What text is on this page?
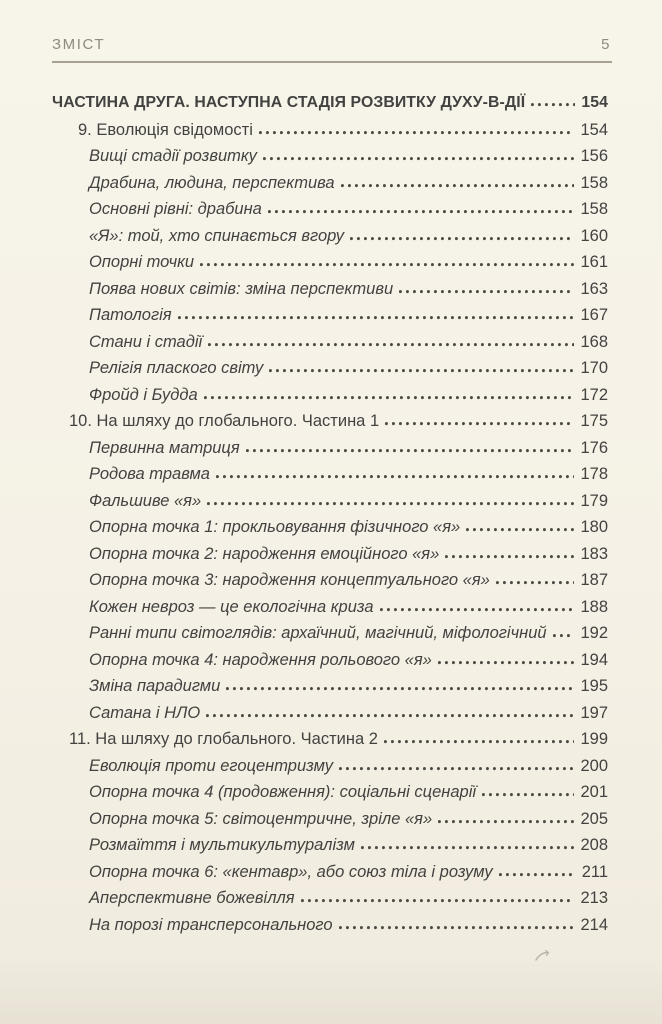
ЗМІСТ	5
ЧАСТИНА ДРУГА. НАСТУПНА СТАДІЯ РОЗВИТКУ ДУХУ-В-ДІЇ	154
9. Еволюція свідомості	154
Вищі стадії розвитку	156
Драбина, людина, перспектива	158
Основні рівні: драбина	158
«Я»: той, хто спинається вгору	160
Опорні точки	161
Поява нових світів: зміна перспективи	163
Патологія	167
Стани і стадії	168
Релігія плаского світу	170
Фройд і Будда	172
10. На шляху до глобального. Частина 1	175
Первинна матриця	176
Родова травма	178
Фальшиве «я»	179
Опорна точка 1: прокльовування фізичного «я»	180
Опорна точка 2: народження емоційного «я»	183
Опорна точка 3: народження концептуального «я»	187
Кожен невроз — це екологічна криза	188
Ранні типи світоглядів: архаїчний, магічний, міфологічний 192
Опорна точка 4: народження рольового «я»	194
Зміна парадигми	195
Сатана і НЛО	197
11. На шляху до глобального. Частина 2	199
Еволюція проти егоцентризму	200
Опорна точка 4 (продовження): соціальні сценарії	201
Опорна точка 5: світоцентричне, зріле «я»	205
Розмаїття і мультикультуралізм	208
Опорна точка 6: «кентавр», або союз тіла і розуму	211
Аперспективне божевілля	213
На порозі трансперсонального	214
